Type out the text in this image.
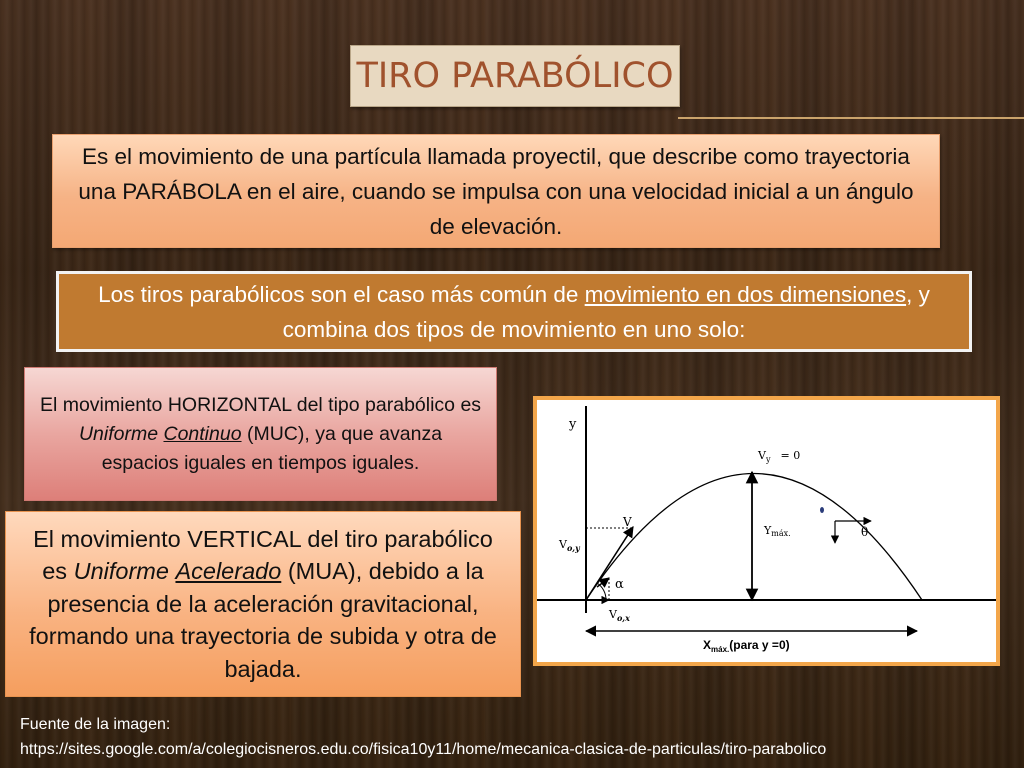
TIRO PARABÓLICO
Es el movimiento de una partícula llamada proyectil, que describe como trayectoria una PARÁBOLA en el aire, cuando se impulsa con una velocidad inicial a un ángulo de elevación.
Los tiros parabólicos son el caso más común de movimiento en dos dimensiones, y combina dos tipos de movimiento en uno solo:
El movimiento HORIZONTAL del tipo parabólico es Uniforme Continuo (MUC), ya que avanza espacios iguales en tiempos iguales.
El movimiento VERTICAL del tiro parabólico es Uniforme Acelerado (MUA), debido a la presencia de la aceleración gravitacional, formando una trayectoria de subida y otra de bajada.
y
α
$V_{o,y}$
$V_{o,x}$
V
$V_y = 0$
Ymáx.	θ
$X_{máx.}(para$ y =0)
Fuente de la imagen:
https://sites.google.com/a/colegiocisneros.edu.co/fisica10y11/home/mecanica-clasica-de-particulas/tiro-parabolico
